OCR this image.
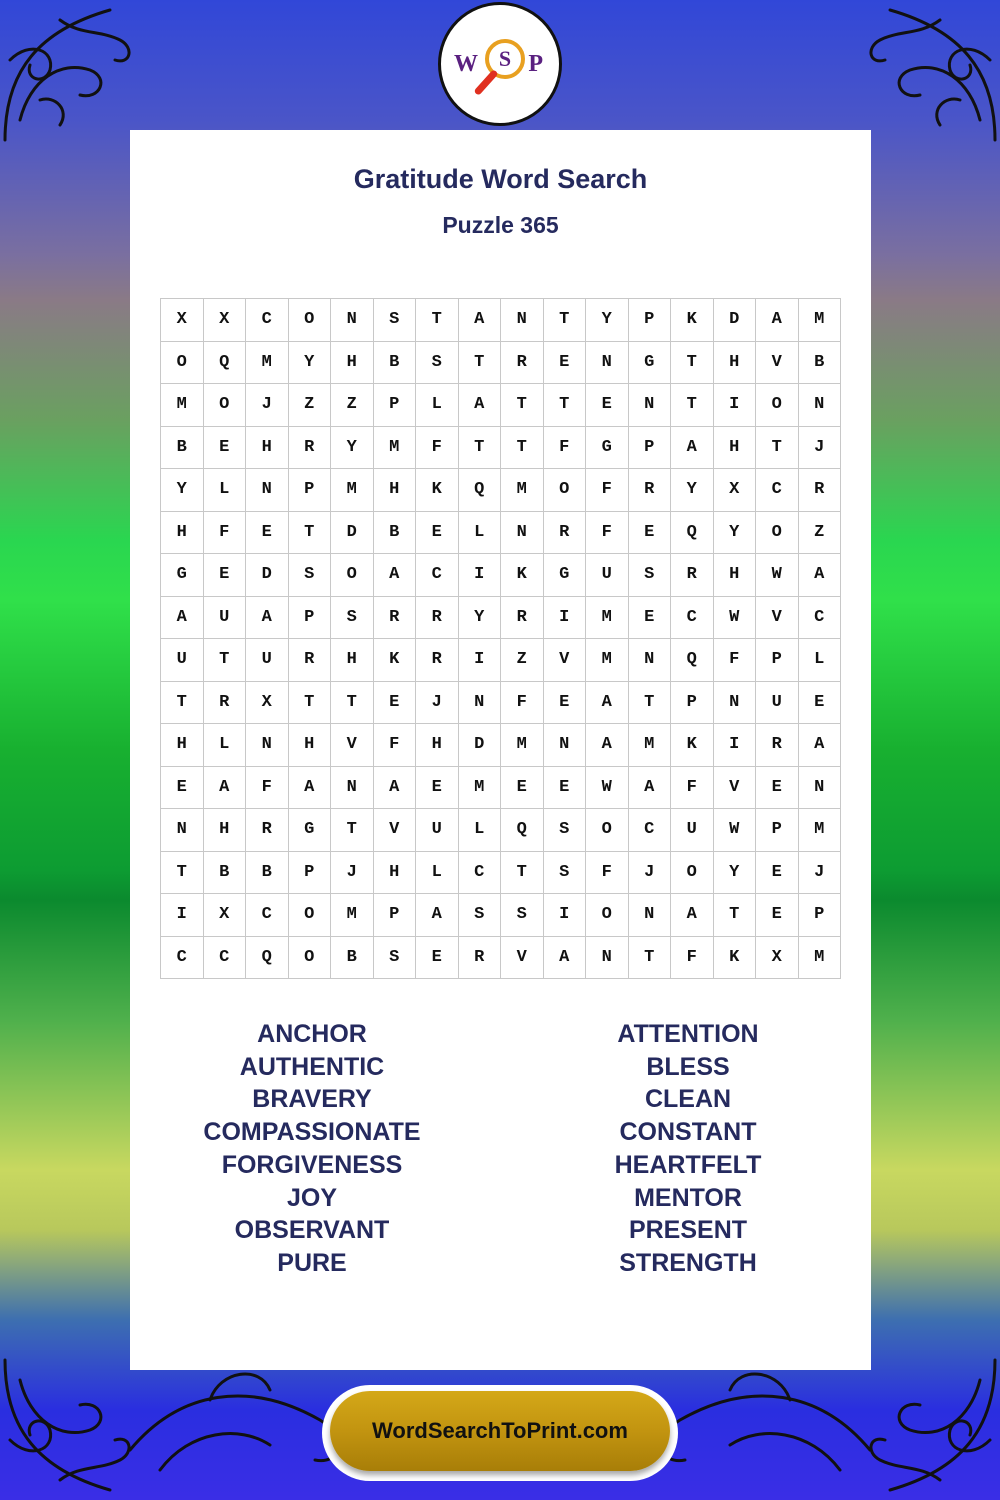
W S P
Gratitude Word Search
Puzzle 365
X	X	C	O	N	S	T	A	N	T	Y	P	K	D	A	M
O	Q	M	Y	H	B	S	T	R	E	N	G	T	H	V	B
M	O	J	Z	Z	P	L	A	T	T	E	N	T	I	O	N
B	E	H	R	Y	M	F	T	T	F	G	P	A	H	T	J
Y	L	N	P	M	H	K	Q	M	O	F	R	Y	X	C	R
H	F	E	T	D	B	E	L	N	R	F	E	Q	Y	O	Z
G	E	D	S	O	A	C	I	K	G	U	S	R	H	W	A
A	U	A	P	S	R	R	Y	R	I	M	E	C	W	V	C
U	T	U	R	H	K	R	I	Z	V	M	N	Q	F	P	L
T	R	X	T	T	E	J	N	F	E	A	T	P	N	U	E
H	L	N	H	V	F	H	D	M	N	A	M	K	I	R	A
E	A	F	A	N	A	E	M	E	E	W	A	F	V	E	N
N	H	R	G	T	V	U	L	Q	S	O	C	U	W	P	M
T	B	B	P	J	H	L	C	T	S	F	J	O	Y	E	J
I	X	C	O	M	P	A	S	S	I	O	N	A	T	E	P
C	C	Q	O	B	S	E	R	V	A	N	T	F	K	X	M
ANCHOR
AUTHENTIC
BRAVERY
COMPASSIONATE
FORGIVENESS
JOY
OBSERVANT
PURE
ATTENTION
BLESS
CLEAN
CONSTANT
HEARTFELT
MENTOR
PRESENT
STRENGTH
WordSearchToPrint.com
